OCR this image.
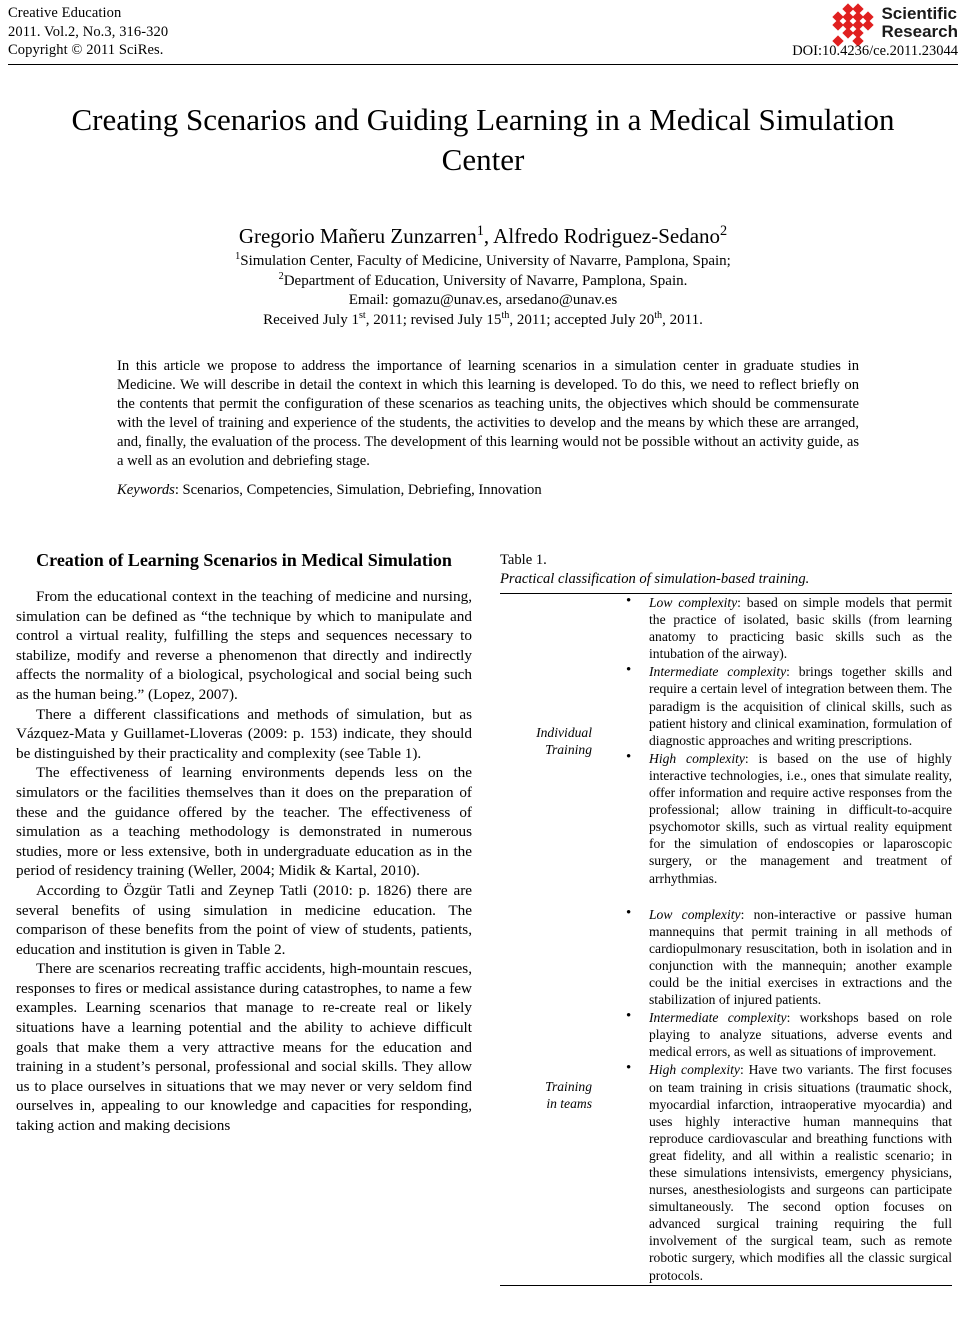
Creative Education
2011. Vol.2, No.3, 316-320
Copyright © 2011 SciRes.
Scientific
Research
DOI:10.4236/ce.2011.23044
Creating Scenarios and Guiding Learning in a Medical Simulation Center
Gregorio Mañeru Zunzarren$^1$, Alfredo Rodriguez-Sedano$^2$
$^1$Simulation Center, Faculty of Medicine, University of Navarre, Pamplona, Spain;
$^2$Department of Education, University of Navarre, Pamplona, Spain.
Email: gomazu@unav.es, arsedano@unav.es
Received July 1st, 2011; revised July 15th, 2011; accepted July 20th, 2011.
In this article we propose to address the importance of learning scenarios in a simulation center in graduate studies in Medicine. We will describe in detail the context in which this learning is developed. To do this, we need to reflect briefly on the contents that permit the configuration of these scenarios as teaching units, the objectives which should be commensurate with the level of training and experience of the students, the activities to develop and the means by which these are arranged, and, finally, the evaluation of the process. The development of this learning would not be possible without an activity guide, as a well as an evolution and debriefing stage.
Keywords: Scenarios, Competencies, Simulation, Debriefing, Innovation
Creation of Learning Scenarios in Medical Simulation

From the educational context in the teaching of medicine and nursing, simulation can be defined as “the technique by which to manipulate and control a virtual reality, fulfilling the steps and sequences necessary to stabilize, modify and reverse a phenomenon that directly and indirectly affects the normality of a biological, psychological and social being such as the human being.” (Lopez, 2007).

There a different classifications and methods of simulation, but as Vázquez-Mata y Guillamet-Lloveras (2009: p. 153) indicate, they should be distinguished by their practicality and complexity (see Table 1).

The effectiveness of learning environments depends less on the simulators or the facilities themselves than it does on the preparation of these and the guidance offered by the teacher. The effectiveness of simulation as a teaching methodology is demonstrated in numerous studies, more or less extensive, both in undergraduate education as in the period of residency training (Weller, 2004; Midik & Kartal, 2010).

According to Özgür Tatli and Zeynep Tatli (2010: p. 1826) there are several benefits of using simulation in medicine education. The comparison of these benefits from the point of view of students, patients, education and institution is given in Table 2.

There are scenarios recreating traffic accidents, high-mountain rescues, responses to fires or medical assistance during catastrophes, to name a few examples. Learning scenarios that manage to re-create real or likely situations have a learning potential and the ability to achieve difficult goals that make them a very attractive means for the education and training in a student’s personal, professional and social skills. They allow us to place ourselves in situations that we may never or very seldom find ourselves in, appealing to our knowledge and capacities for responding, taking action and making decisions

Table 1.
Practical classification of simulation-based training.
Individual
Training

• Low complexity: based on simple models that permit the practice of isolated, basic skills (from learning anatomy to practicing basic skills such as the intubation of the airway).
• Intermediate complexity: brings together skills and require a certain level of integration between them. The paradigm is the acquisition of clinical skills, such as patient history and clinical examination, formulation of diagnostic approaches and writing prescriptions.
• High complexity: is based on the use of highly interactive technologies, i.e., ones that simulate reality, offer information and require active responses from the professional; allow training in difficult-to-acquire psychomotor skills, such as virtual reality equipment for the simulation of endoscopies or laparoscopic surgery, or the management and treatment of arrhythmias.

Training
in teams

• Low complexity: non-interactive or passive human mannequins that permit training in all methods of cardiopulmonary resuscitation, both in isolation and in conjunction with the mannequin; another example could be the initial exercises in extractions and the stabilization of injured patients.
• Intermediate complexity: workshops based on role playing to analyze situations, adverse events and medical errors, as well as situations of improvement.
• High complexity: Have two variants. The first focuses on team training in crisis situations (traumatic shock, myocardial infarction, intraoperative myocardia) and uses highly interactive human mannequins that reproduce cardiovascular and breathing functions with great fidelity, and all within a realistic scenario; in these simulations intensivists, emergency physicians, nurses, anesthesiologists and surgeons can participate simultaneously. The second option focuses on advanced surgical training requiring the full involvement of the surgical team, such as remote robotic surgery, which modifies all the classic surgical protocols.
